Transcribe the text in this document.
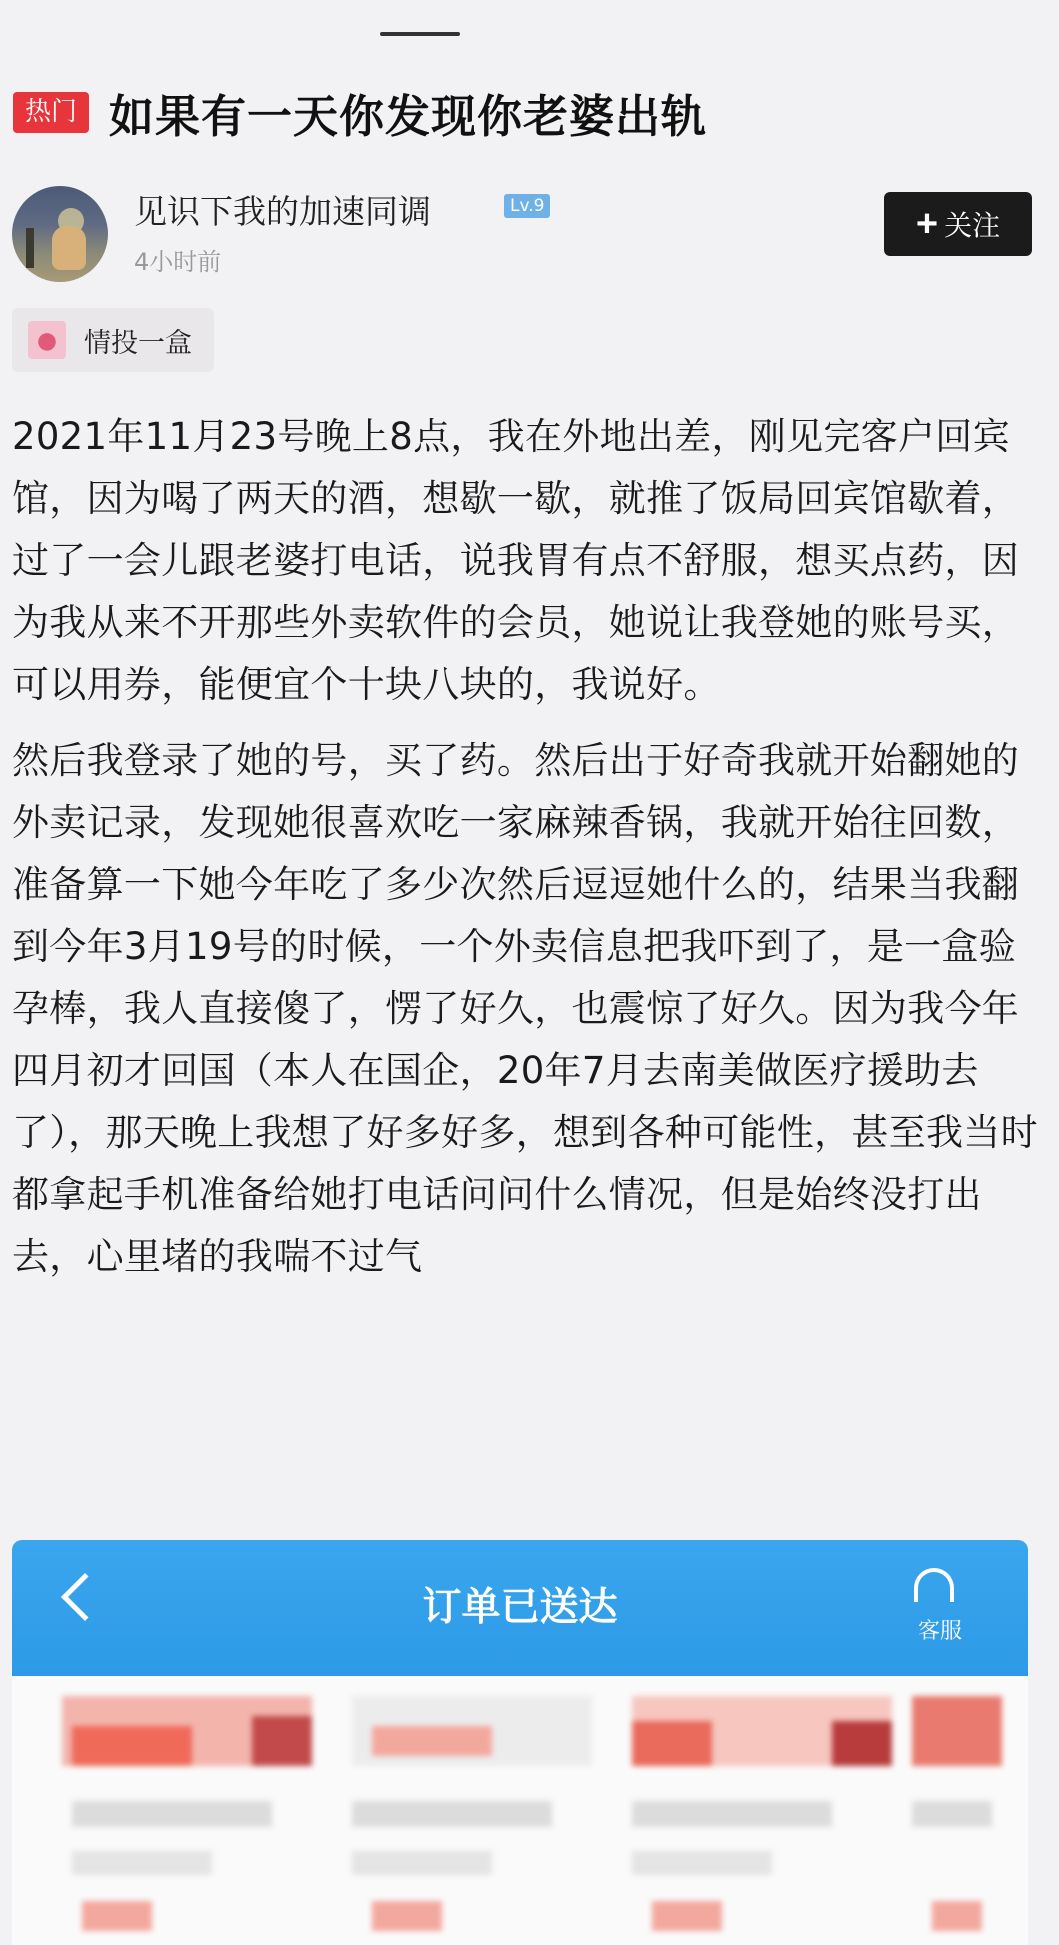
热门 如果有一天你发现你老婆出轨
见识下我的加速同调	Lv.9
4小时前
+ 关注
情投一盒

2021年11月23号晚上8点，我在外地出差，刚见完客户回宾馆，因为喝了两天的酒，想歇一歇，就推了饭局回宾馆歇着，过了一会儿跟老婆打电话，说我胃有点不舒服，想买点药，因为我从来不开那些外卖软件的会员，她说让我登她的账号买，可以用券，能便宜个十块八块的，我说好。

然后我登录了她的号，买了药。然后出于好奇我就开始翻她的外卖记录，发现她很喜欢吃一家麻辣香锅，我就开始往回数，准备算一下她今年吃了多少次然后逗逗她什么的，结果当我翻到今年3月19号的时候，一个外卖信息把我吓到了，是一盒验孕棒，我人直接傻了，愣了好久，也震惊了好久。因为我今年四月初才回国（本人在国企，20年7月去南美做医疗援助去了），那天晚上我想了好多好多，想到各种可能性，甚至我当时都拿起手机准备给她打电话问问什么情况，但是始终没打出去，心里堵的我喘不过气

订单已送达
客服
